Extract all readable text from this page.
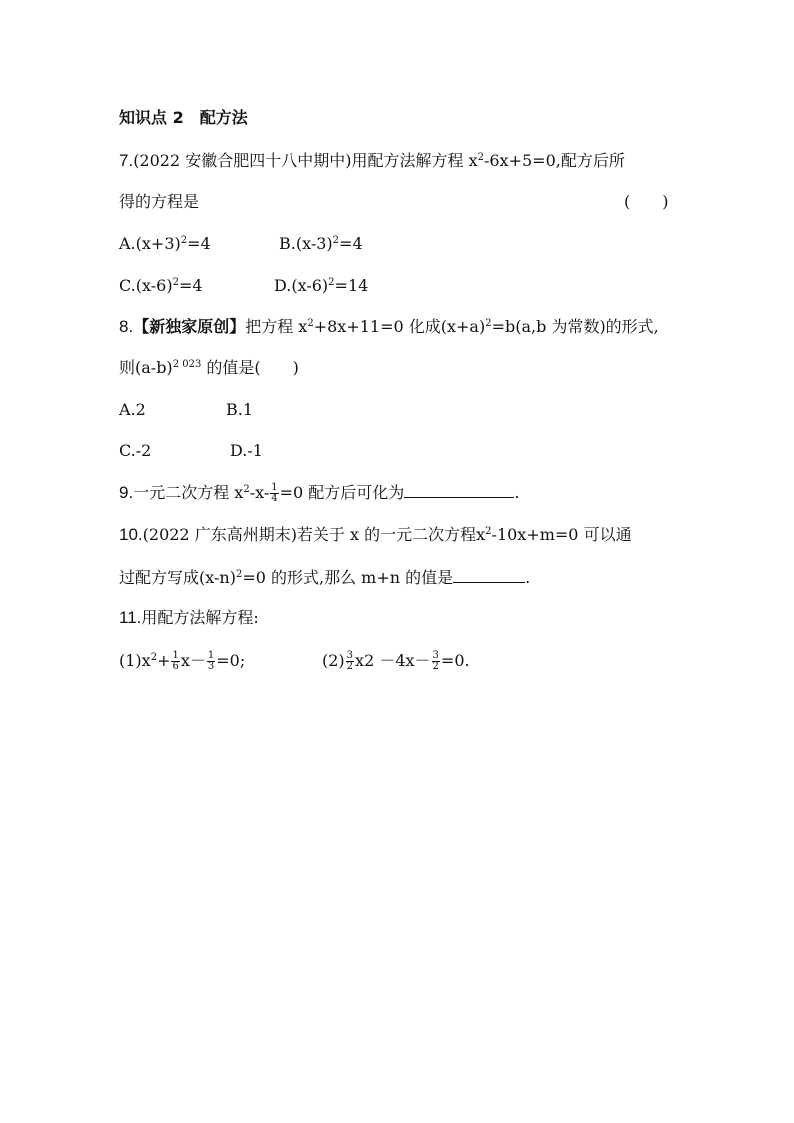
知识点 2　配方法
7.(2022 安徽合肥四十八中期中)用配方法解方程 $x^2-6x+5=0$,配方后所
得的方程是	(　　)
$A.(x+3)^2=4$	$B.(x-3)^2=4$
$C.(x-6)^2=4$	$D.(x-6)^2=14$
8.【新独家原创】把方程 $x^2+8x+11=0$ 化成$(x+a)^2=b(a,b$ 为常数)的形式,
则$(a-b)^{2 023}$ 的值是(　　)
A.2	B.1
C.-2	D.-1
9.一元二次方程 $x^2-x- \frac{1}{4} =0$ 配方后可化为	.
10.(2022 广东高州期末)若关于 x 的一元二次方程$x^2-10x+m=0$ 可以通
过配方写成$(x-n)^2=0$ 的形式,那么 m+n 的值是	.
11.用配方法解方程:
$(1)x^2+ \frac{1}{6} x- \frac{1}{3} =0$;	$(2) \frac{3}{2} x2 -4x- \frac{3}{2} =0$.
